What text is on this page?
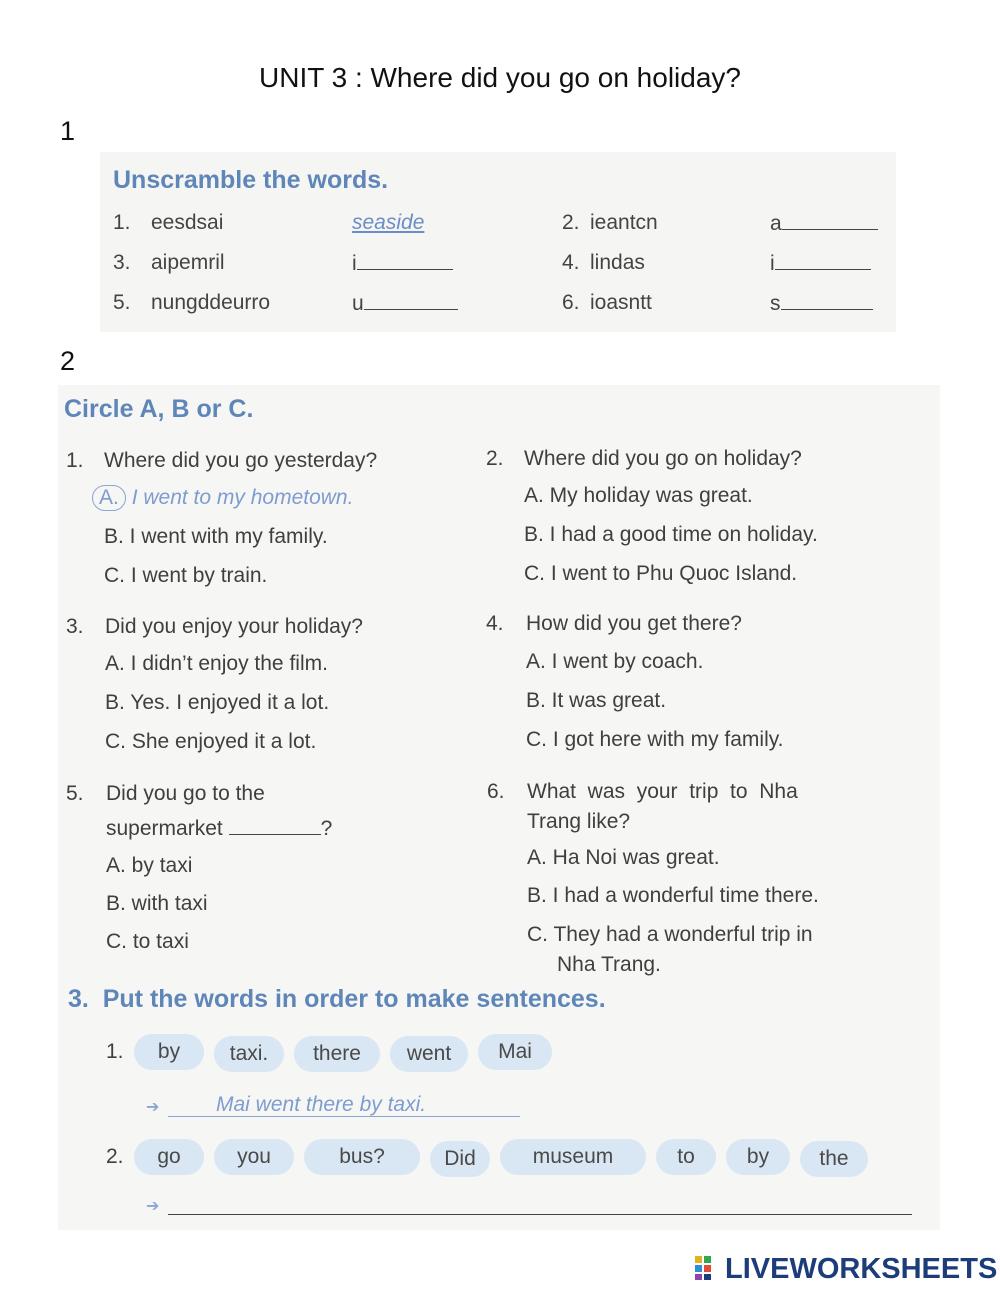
UNIT 3 : Where did you go on holiday?
1
Unscramble the words.
1. eesdsai	seaside	2. ieantcn	a
3. aipemril	i	4. lindas	i
5. nungddeurro	u	6. ioasntt	s
2
Circle A, B or C.
1. Where did you go yesterday?
A. I went to my hometown.
B. I went with my family.
C. I went by train.
2. Where did you go on holiday?
A. My holiday was great.
B. I had a good time on holiday.
C. I went to Phu Quoc Island.
3. Did you enjoy your holiday?
A. I didn’t enjoy the film.
B. Yes. I enjoyed it a lot.
C. She enjoyed it a lot.
4. How did you get there?
A. I went by coach.
B. It was great.
C. I got here with my family.
5. Did you go to the
supermarket	?
A. by taxi
B. with taxi
C. to taxi
6. What  was  your  trip  to  Nha
Trang like?
A. Ha Noi was great.
B. I had a wonderful time there.
C. They had a wonderful trip in
Nha Trang.
3.  Put the words in order to make sentences.
1.	by	taxi.	there	went	Mai
➔	Mai went there by taxi.
2.	go	you	bus?	Did	museum	to	by	the
➔
LIVEWORKSHEETS
